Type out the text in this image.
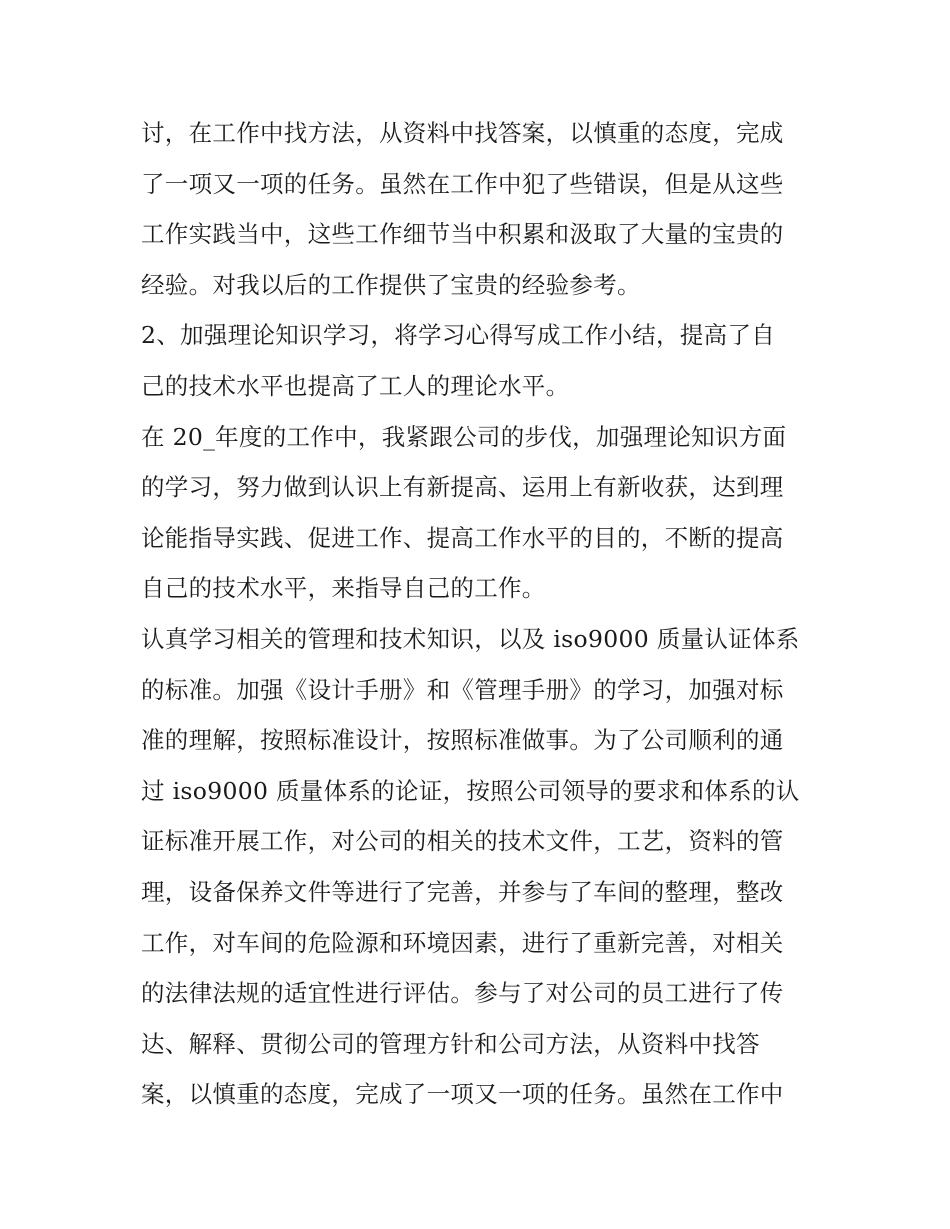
讨，在工作中找方法，从资料中找答案，以慎重的态度，完成
了一项又一项的任务。虽然在工作中犯了些错误，但是从这些
工作实践当中，这些工作细节当中积累和汲取了大量的宝贵的
经验。对我以后的工作提供了宝贵的经验参考。
2、加强理论知识学习，将学习心得写成工作小结，提高了自
己的技术水平也提高了工人的理论水平。
在 20_年度的工作中，我紧跟公司的步伐，加强理论知识方面
的学习，努力做到认识上有新提高、运用上有新收获，达到理
论能指导实践、促进工作、提高工作水平的目的，不断的提高
自己的技术水平，来指导自己的工作。
认真学习相关的管理和技术知识，以及 iso9000 质量认证体系
的标准。加强《设计手册》和《管理手册》的学习，加强对标
准的理解，按照标准设计，按照标准做事。为了公司顺利的通
过 iso9000 质量体系的论证，按照公司领导的要求和体系的认
证标准开展工作，对公司的相关的技术文件，工艺，资料的管
理，设备保养文件等进行了完善，并参与了车间的整理，整改
工作，对车间的危险源和环境因素，进行了重新完善，对相关
的法律法规的适宜性进行评估。参与了对公司的员工进行了传
达、解释、贯彻公司的管理方针和公司方法，从资料中找答
案，以慎重的态度，完成了一项又一项的任务。虽然在工作中
